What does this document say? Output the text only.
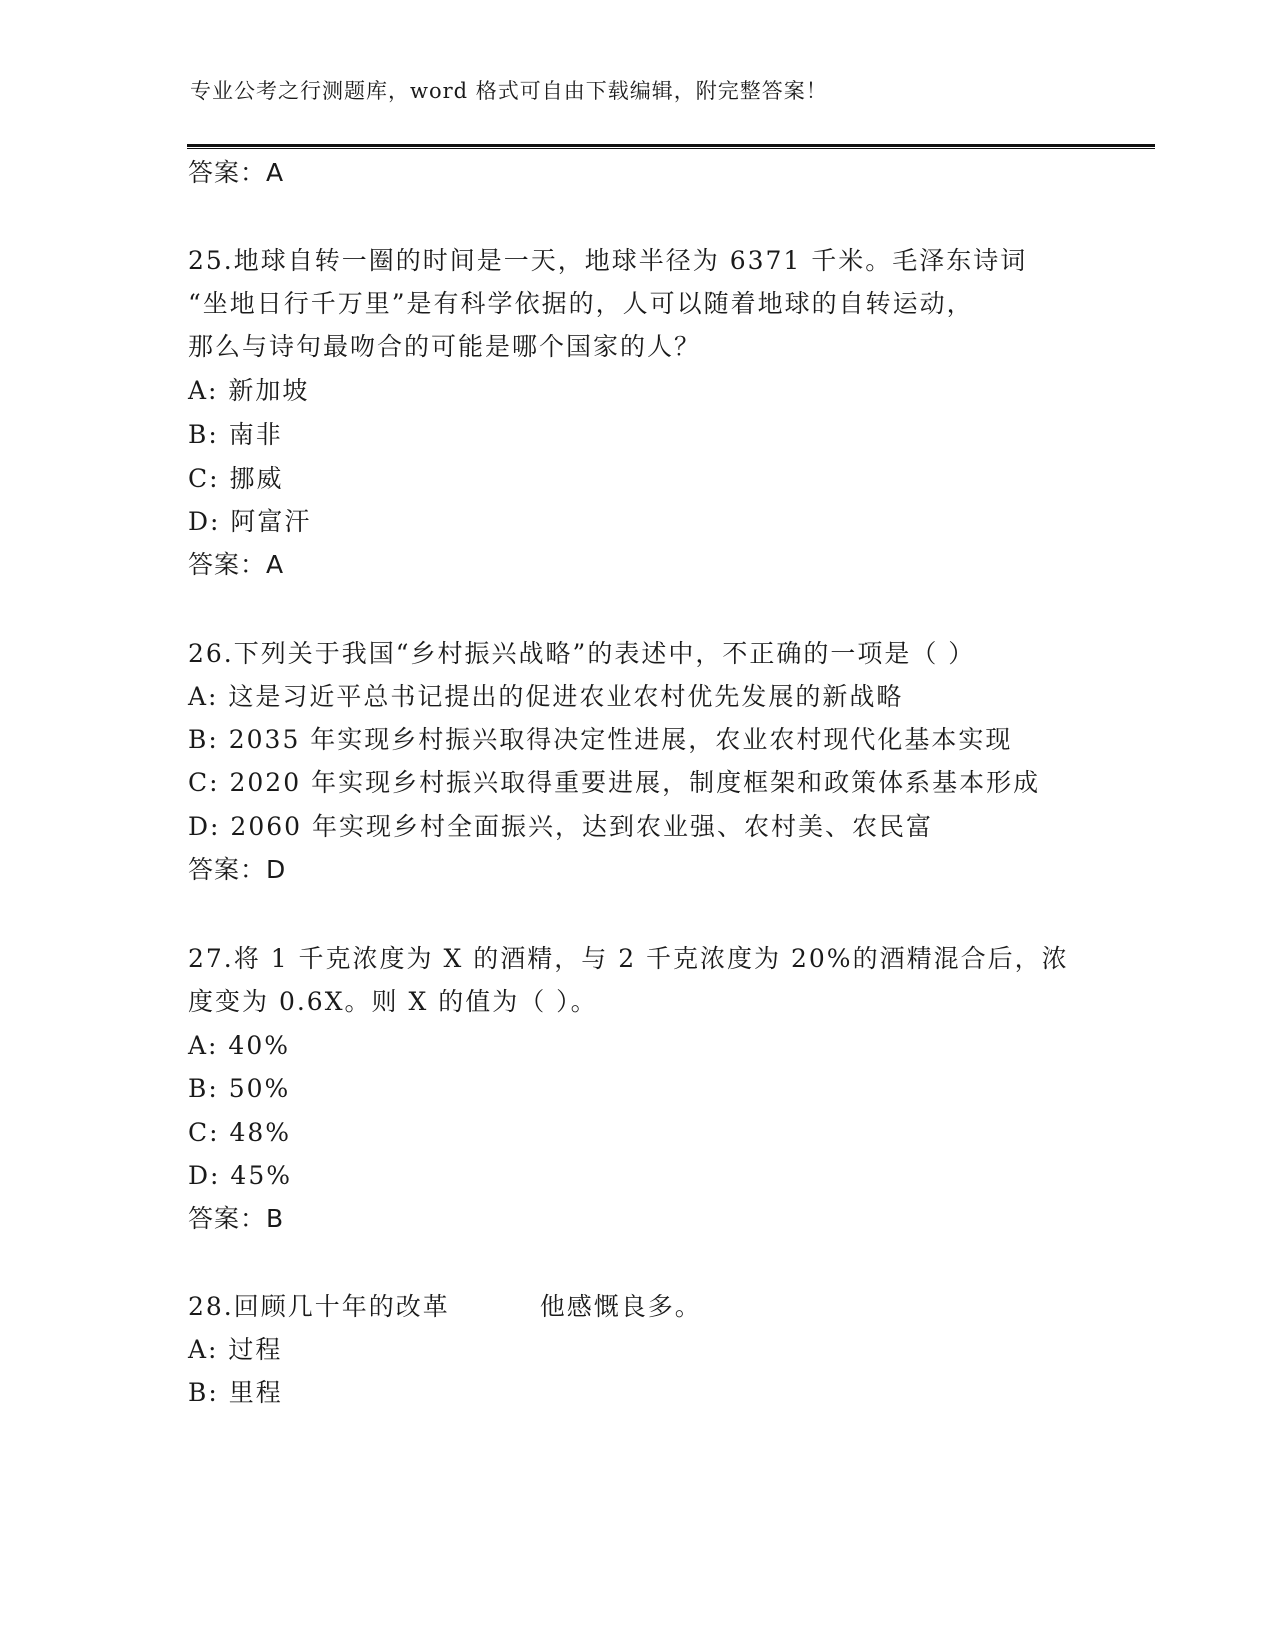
专业公考之行测题库，word 格式可自由下载编辑，附完整答案！
答案：A
25.地球自转一圈的时间是一天，地球半径为 6371 千米。毛泽东诗词
“坐地日行千万里”是有科学依据的，人可以随着地球的自转运动，
那么与诗句最吻合的可能是哪个国家的人？
A: 新加坡
B: 南非
C: 挪威
D: 阿富汗
答案：A
26.下列关于我国“乡村振兴战略”的表述中，不正确的一项是（ ）
A: 这是习近平总书记提出的促进农业农村优先发展的新战略
B: 2035 年实现乡村振兴取得决定性进展，农业农村现代化基本实现
C: 2020 年实现乡村振兴取得重要进展，制度框架和政策体系基本形成
D: 2060 年实现乡村全面振兴，达到农业强、农村美、农民富
答案：D
27.将 1 千克浓度为 X 的酒精，与 2 千克浓度为 20%的酒精混合后，浓
度变为 0.6X。则 X 的值为（ ）。
A: 40%
B: 50%
C: 48%
D: 45%
答案：B
28.回顾几十年的改革	他感慨良多。
A: 过程
B: 里程
